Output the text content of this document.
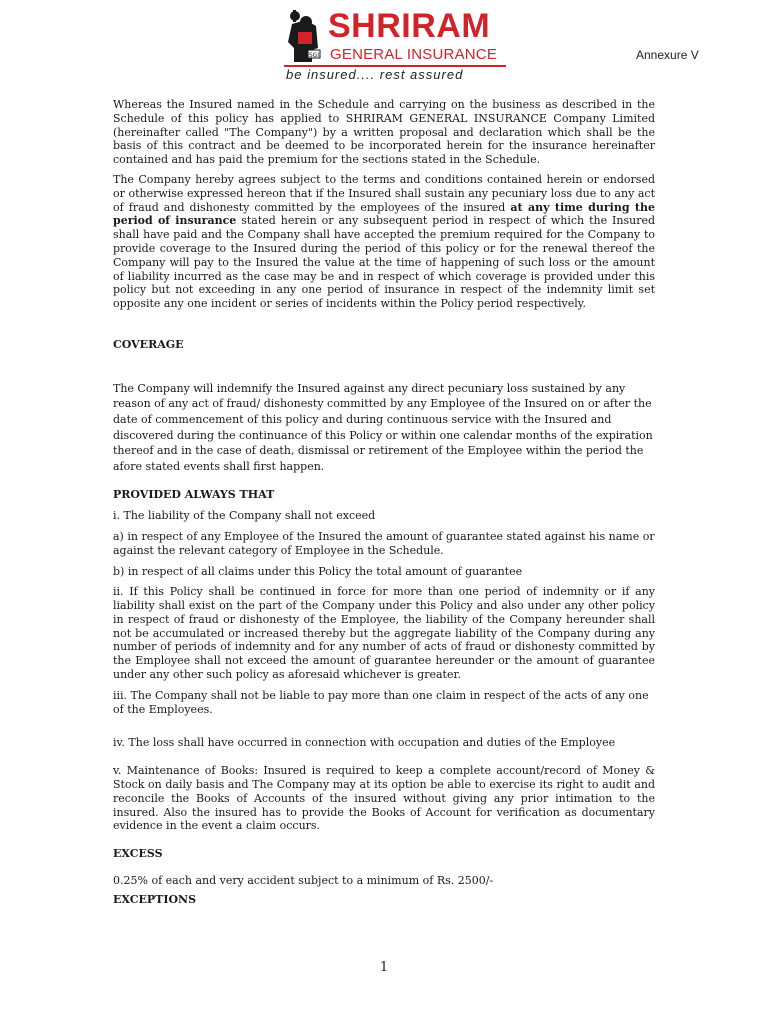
SGI
SHRIRAM
GENERAL INSURANCE
be insured.... rest assured
Annexure V

Whereas the Insured named in the Schedule and carrying on the business as described in the Schedule of this policy has applied to SHRIRAM GENERAL INSURANCE Company Limited (hereinafter called "The Company") by a written proposal and declaration which shall be the basis of this contract and be deemed to be incorporated herein for the insurance hereinafter contained and has paid the premium for the sections stated in the Schedule.

The Company hereby agrees subject to the terms and conditions contained herein or endorsed or otherwise expressed hereon that if the Insured shall sustain any pecuniary loss due to any act of fraud and dishonesty committed by the employees of the insured at any time during the period of insurance stated herein or any subsequent period in respect of which the Insured shall have paid and the Company shall have accepted the premium required for the Company to provide coverage to the Insured during the period of this policy or for the renewal thereof the Company will pay to the Insured the value at the time of happening of such loss or the amount of liability incurred as the case may be and in respect of which coverage is provided under this policy but not exceeding in any one period of insurance in respect of the indemnity limit set opposite any one incident or series of incidents within the Policy period respectively.

COVERAGE

The Company will indemnify the Insured against any direct pecuniary loss sustained by any reason of any act of fraud/ dishonesty committed by any Employee of the Insured on or after the date of commencement of this policy and during continuous service with the Insured and discovered during the continuance of this Policy or within one calendar months of the expiration thereof and in the case of death, dismissal or retirement of the Employee within the period the afore stated events shall first happen.

PROVIDED ALWAYS THAT

i. The liability of the Company shall not exceed

a) in respect of any Employee of the Insured the amount of guarantee stated against his name or against the relevant category of Employee in the Schedule.

b) in respect of all claims under this Policy the total amount of guarantee

ii. If this Policy shall be continued in force for more than one period of indemnity or if any liability shall exist on the part of the Company under this Policy and also under any other policy in respect of fraud or dishonesty of the Employee, the liability of the Company hereunder shall not be accumulated or increased thereby but the aggregate liability of the Company during any number of periods of indemnity and for any number of acts of fraud or dishonesty committed by the Employee shall not exceed the amount of guarantee hereunder or the amount of guarantee under any other such policy as aforesaid whichever is greater.

iii. The Company shall not be liable to pay more than one claim in respect of the acts of any one of the Employees.

iv. The loss shall have occurred in connection with occupation and duties of the Employee

v. Maintenance of Books: Insured is required to keep a complete account/record of Money & Stock on daily basis and The Company may at its option be able to exercise its right to audit and reconcile the Books of Accounts of the insured without giving any prior intimation to the insured. Also the insured has to provide the Books of Account for verification as documentary evidence in the event a claim occurs.

EXCESS

0.25% of each and very accident subject to a minimum of Rs. 2500/-

EXCEPTIONS

1
